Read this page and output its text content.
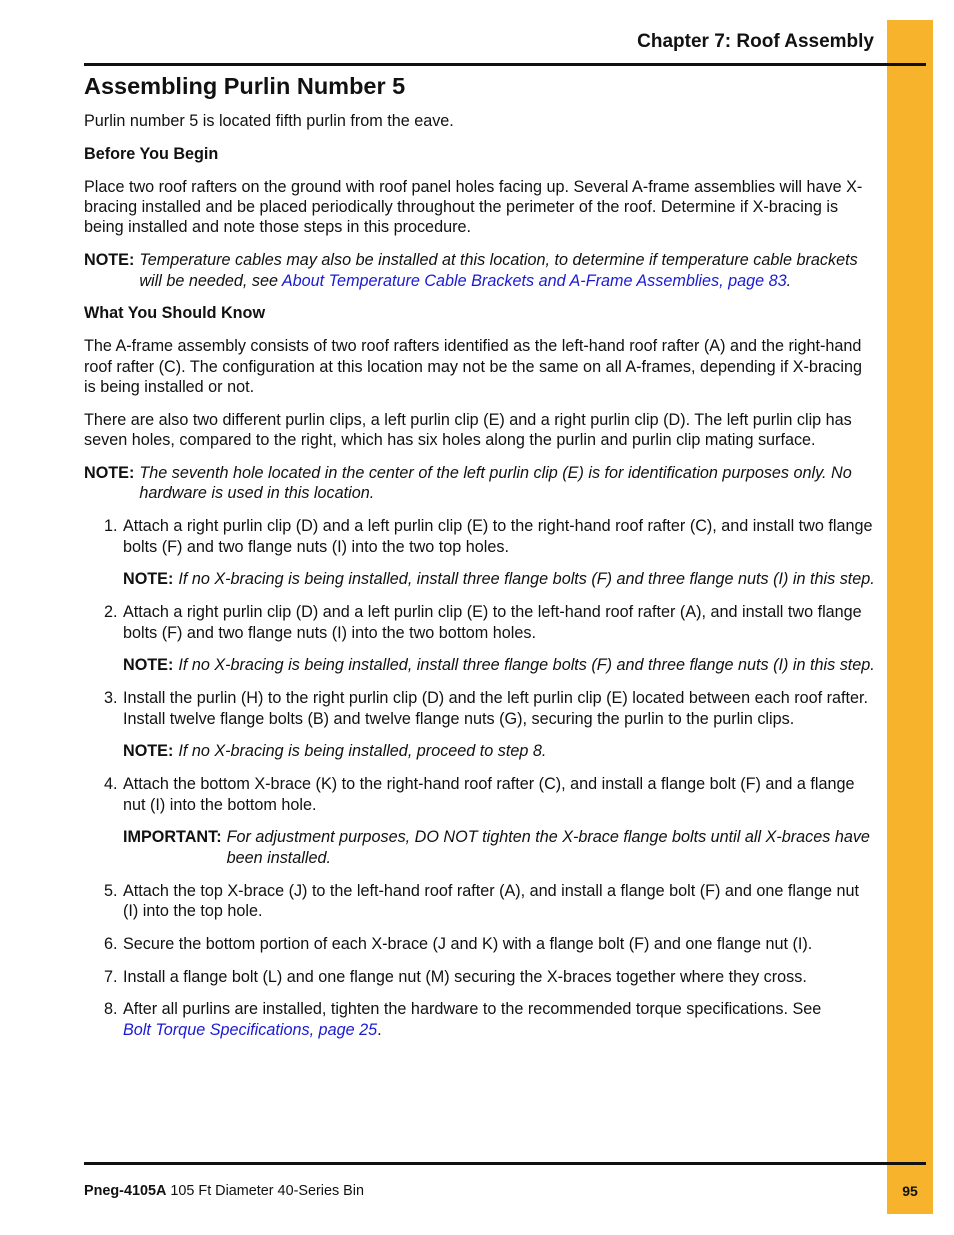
Chapter 7: Roof Assembly
Assembling Purlin Number 5

Purlin number 5 is located fifth purlin from the eave.

Before You Begin

Place two roof rafters on the ground with roof panel holes facing up. Several A-frame assemblies will have X-bracing installed and be placed periodically throughout the perimeter of the roof. Determine if X-bracing is being installed and note those steps in this procedure.

NOTE: Temperature cables may also be installed at this location, to determine if temperature cable brackets will be needed, see About Temperature Cable Brackets and A-Frame Assemblies, page 83.

What You Should Know

The A-frame assembly consists of two roof rafters identified as the left-hand roof rafter (A) and the right-hand roof rafter (C). The configuration at this location may not be the same on all A-frames, depending if X-bracing is being installed or not.

There are also two different purlin clips, a left purlin clip (E) and a right purlin clip (D). The left purlin clip has seven holes, compared to the right, which has six holes along the purlin and purlin clip mating surface.

NOTE: The seventh hole located in the center of the left purlin clip (E) is for identification purposes only. No hardware is used in this location.
1. Attach a right purlin clip (D) and a left purlin clip (E) to the right-hand roof rafter (C), and install two flange bolts (F) and two flange nuts (I) into the two top holes.
NOTE: If no X-bracing is being installed, install three flange bolts (F) and three flange nuts (I) in this step.
2. Attach a right purlin clip (D) and a left purlin clip (E) to the left-hand roof rafter (A), and install two flange bolts (F) and two flange nuts (I) into the two bottom holes.
NOTE: If no X-bracing is being installed, install three flange bolts (F) and three flange nuts (I) in this step.
3. Install the purlin (H) to the right purlin clip (D) and the left purlin clip (E) located between each roof rafter. Install twelve flange bolts (B) and twelve flange nuts (G), securing the purlin to the purlin clips.
NOTE: If no X-bracing is being installed, proceed to step 8.
4. Attach the bottom X-brace (K) to the right-hand roof rafter (C), and install a flange bolt (F) and a flange nut (I) into the bottom hole.
IMPORTANT: For adjustment purposes, DO NOT tighten the X-brace flange bolts until all X-braces have been installed.
5. Attach the top X-brace (J) to the left-hand roof rafter (A), and install a flange bolt (F) and one flange nut (I) into the top hole.
6. Secure the bottom portion of each X-brace (J and K) with a flange bolt (F) and one flange nut (I).
7. Install a flange bolt (L) and one flange nut (M) securing the X-braces together where they cross.
8. After all purlins are installed, tighten the hardware to the recommended torque specifications. See
Bolt Torque Specifications, page 25.
Pneg-4105A 105 Ft Diameter 40-Series Bin	95
